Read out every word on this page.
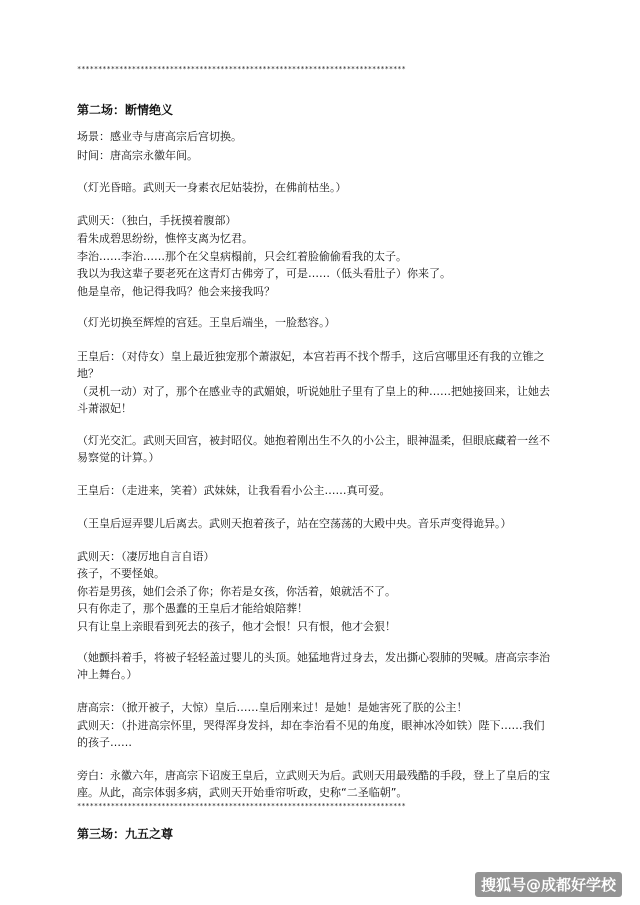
******************************************************************************
第二场：断情绝义
场景：感业寺与唐高宗后宫切换。
时间：唐高宗永徽年间。
（灯光昏暗。武则天一身素衣尼姑装扮，在佛前枯坐。）
武则天：（独白，手抚摸着腹部）
看朱成碧思纷纷，憔悴支离为忆君。
李治……李治……那个在父皇病榻前，只会红着脸偷偷看我的太子。
我以为我这辈子要老死在这青灯古佛旁了，可是……（低头看肚子）你来了。
他是皇帝，他记得我吗？他会来接我吗？
（灯光切换至辉煌的宫廷。王皇后端坐，一脸愁容。）
王皇后：（对侍女）皇上最近独宠那个萧淑妃，本宫若再不找个帮手，这后宫哪里还有我的立锥之
地？
（灵机一动）对了，那个在感业寺的武媚娘，听说她肚子里有了皇上的种……把她接回来，让她去
斗萧淑妃！
（灯光交汇。武则天回宫，被封昭仪。她抱着刚出生不久的小公主，眼神温柔，但眼底藏着一丝不
易察觉的计算。）
王皇后：（走进来，笑着）武妹妹，让我看看小公主……真可爱。
（王皇后逗弄婴儿后离去。武则天抱着孩子，站在空荡荡的大殿中央。音乐声变得诡异。）
武则天：（凄厉地自言自语）
孩子，不要怪娘。
你若是男孩，她们会杀了你；你若是女孩，你活着，娘就活不了。
只有你走了，那个愚蠢的王皇后才能给娘陪葬！
只有让皇上亲眼看到死去的孩子，他才会恨！只有恨，他才会狠！
（她颤抖着手，将被子轻轻盖过婴儿的头顶。她猛地背过身去，发出撕心裂肺的哭喊。唐高宗李治
冲上舞台。）
唐高宗：（掀开被子，大惊）皇后……皇后刚来过！是她！是她害死了朕的公主！
武则天：（扑进高宗怀里，哭得浑身发抖，却在李治看不见的角度，眼神冰冷如铁）陛下……我们
的孩子……
旁白：永徽六年，唐高宗下诏废王皇后，立武则天为后。武则天用最残酷的手段，登上了皇后的宝
座。从此，高宗体弱多病，武则天开始垂帘听政，史称“二圣临朝”。
******************************************************************************
第三场：九五之尊
搜狐号@成都好学校
